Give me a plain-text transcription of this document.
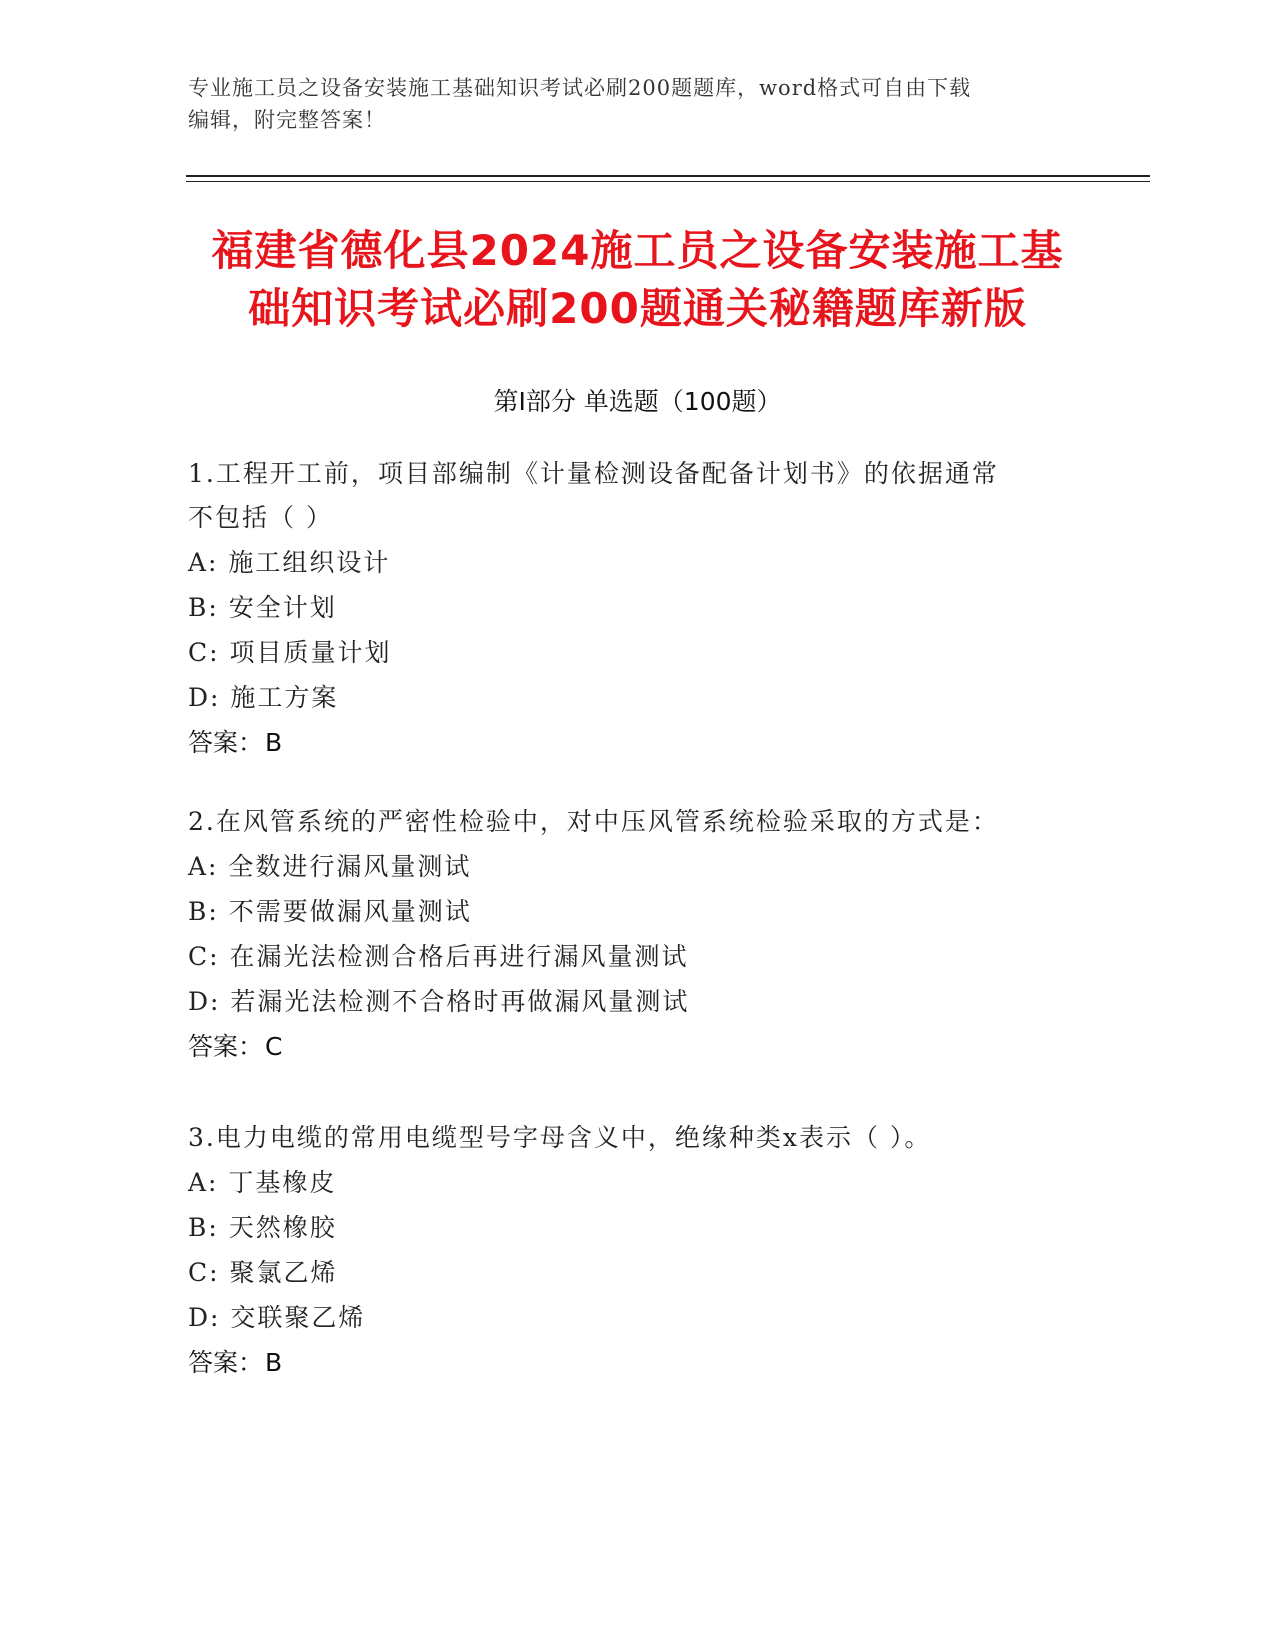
专业施工员之设备安装施工基础知识考试必刷200题题库，word格式可自由下载
编辑，附完整答案！
福建省德化县2024施工员之设备安装施工基
础知识考试必刷200题通关秘籍题库新版
第Ⅰ部分 单选题（100题）

1.工程开工前，项目部编制《计量检测设备配备计划书》的依据通常

不包括（ ）

A: 施工组织设计

B: 安全计划

C: 项目质量计划

D: 施工方案

答案：B

2.在风管系统的严密性检验中，对中压风管系统检验采取的方式是：

A: 全数进行漏风量测试

B: 不需要做漏风量测试

C: 在漏光法检测合格后再进行漏风量测试

D: 若漏光法检测不合格时再做漏风量测试

答案：C

3.电力电缆的常用电缆型号字母含义中，绝缘种类x表示（ ）。

A: 丁基橡皮

B: 天然橡胶

C: 聚氯乙烯

D: 交联聚乙烯

答案：B
